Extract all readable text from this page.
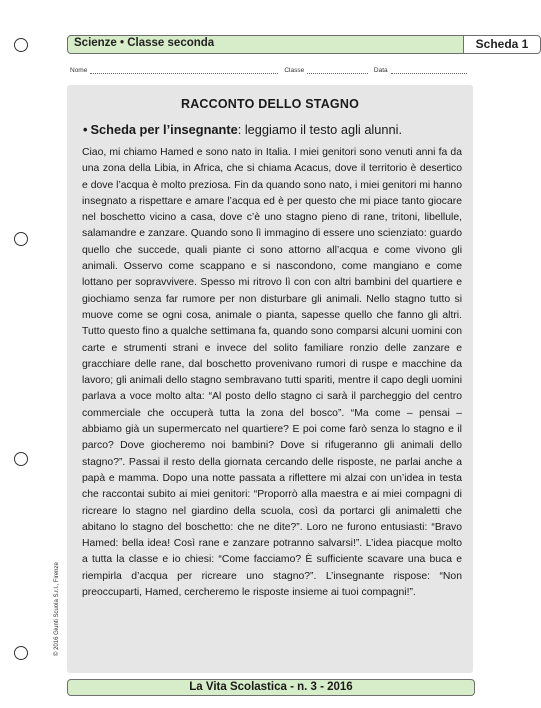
Scienze • Classe seconda	Scheda 1
Nome	Classe	Data
RACCONTO DELLO STAGNO
• Scheda per l’insegnante: leggiamo il testo agli alunni.

Ciao, mi chiamo Hamed e sono nato in Italia. I miei genitori sono venuti anni fa da una zona della Libia, in Africa, che si chiama Acacus, dove il territorio è desertico e dove l’acqua è molto preziosa. Fin da quando sono nato, i miei genitori mi hanno insegnato a rispettare e amare l’acqua ed è per questo che mi piace tanto giocare nel boschetto vicino a casa, dove c’è uno stagno pieno di rane, tritoni, libellule, salamandre e zanzare. Quando sono lì immagino di essere uno scienziato: guardo quello che succede, quali piante ci sono attorno all’acqua e come vivono gli animali. Osservo come scappano e si nascondono, come mangiano e come lottano per sopravvivere. Spesso mi ritrovo lì con con altri bambini del quartiere e giochiamo senza far rumore per non disturbare gli animali. Nello stagno tutto si muove come se ogni cosa, animale o pianta, sapesse quello che fanno gli altri. Tutto questo fino a qualche settimana fa, quando sono comparsi alcuni uomini con carte e strumenti strani e invece del solito familiare ronzio delle zanzare e gracchiare delle rane, dal boschetto provenivano rumori di ruspe e macchine da lavoro; gli animali dello stagno sembravano tutti spariti, mentre il capo degli uomini parlava a voce molto alta: “Al posto dello stagno ci sarà il parcheggio del centro commerciale che occuperà tutta la zona del bosco”. “Ma come – pensai – abbiamo già un supermercato nel quartiere? E poi come farò senza lo stagno e il parco? Dove giocheremo noi bambini? Dove si rifugeranno gli animali dello stagno?”. Passai il resto della giornata cercando delle risposte, ne parlai anche a papà e mamma. Dopo una notte passata a riflettere mi alzai con un’idea in testa che raccontai subito ai miei genitori: “Proporrò alla maestra e ai miei compagni di ricreare lo stagno nel giardino della scuola, così da portarci gli animaletti che abitano lo stagno del boschetto: che ne dite?”. Loro ne furono entusiasti: “Bravo Hamed: bella idea! Così rane e zanzare potranno salvarsi!”. L’idea piacque molto a tutta la classe e io chiesi: “Come facciamo? È sufficiente scavare una buca e riempirla d’acqua per ricreare uno stagno?”. L’insegnante rispose: “Non preoccuparti, Hamed, cercheremo le risposte insieme ai tuoi compagni!”.

© 2016 Giunti Scuola S.r.l., Firenze
La Vita Scolastica - n. 3 - 2016
